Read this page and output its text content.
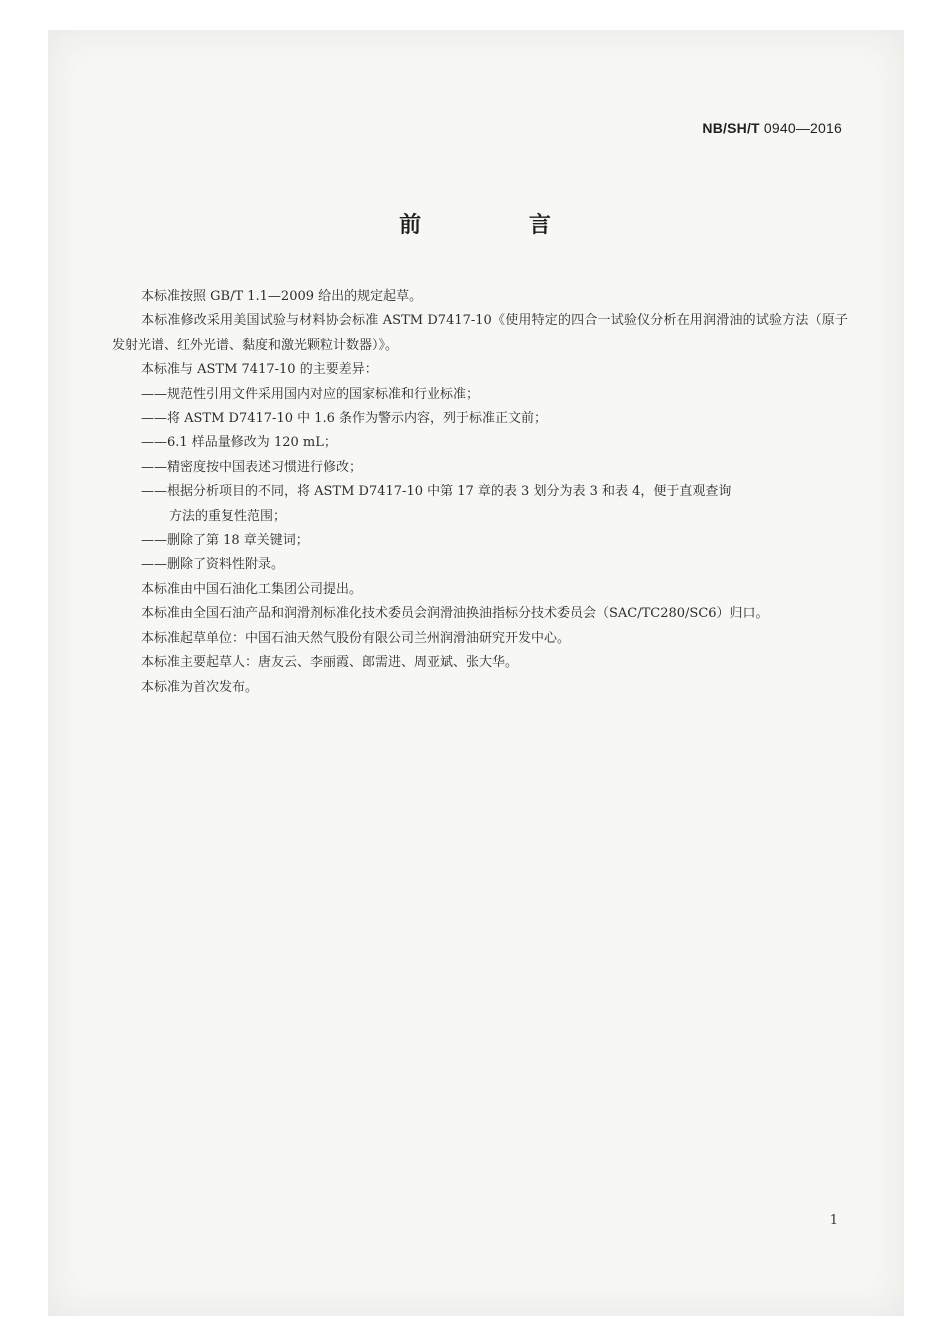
NB/SH/T 0940—2016
前 言

本标准按照 GB/T 1.1—2009 给出的规定起草。

本标准修改采用美国试验与材料协会标准 ASTM D7417-10《使用特定的四合一试验仪分析在用润滑油的试验方法（原子发射光谱、红外光谱、黏度和激光颗粒计数器）》。

本标准与 ASTM 7417-10 的主要差异：

——规范性引用文件采用国内对应的国家标准和行业标准；

——将 ASTM D7417-10 中 1.6 条作为警示内容，列于标准正文前；

——6.1 样品量修改为 120 mL；

——精密度按中国表述习惯进行修改；

——根据分析项目的不同，将 ASTM D7417-10 中第 17 章的表 3 划分为表 3 和表 4，便于直观查询
方法的重复性范围；

——删除了第 18 章关键词；

——删除了资料性附录。

本标准由中国石油化工集团公司提出。

本标准由全国石油产品和润滑剂标准化技术委员会润滑油换油指标分技术委员会（SAC/TC280/SC6）归口。

本标准起草单位：中国石油天然气股份有限公司兰州润滑油研究开发中心。

本标准主要起草人：唐友云、李丽霞、郎需进、周亚斌、张大华。

本标准为首次发布。

1
